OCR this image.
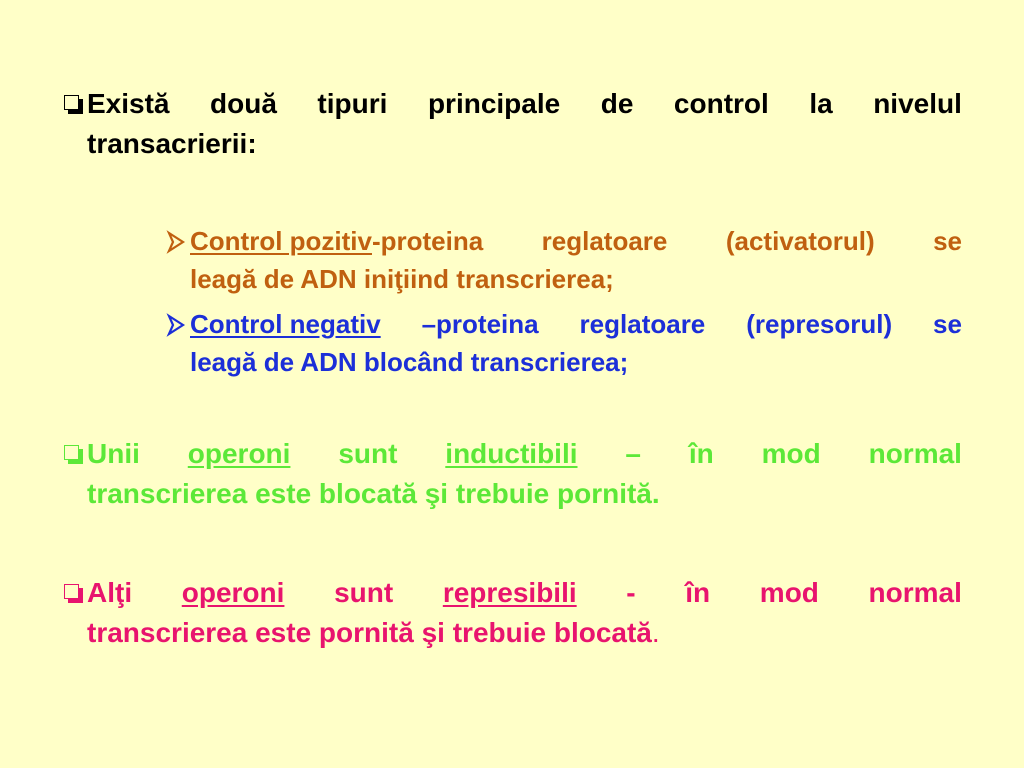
Există două tipuri principale de control la nivelul
transacrierii:
Control pozitiv-proteina reglatoare (activatorul) se
leagă de ADN iniţiind transcrierea;
Control negativ –proteina reglatoare (represorul) se
leagă de ADN blocând transcrierea;
Unii operoni sunt inductibili – în mod normal
transcrierea este blocată şi trebuie pornită.
Alţi operoni sunt represibili - în mod normal
transcrierea este pornită şi trebuie blocată.
